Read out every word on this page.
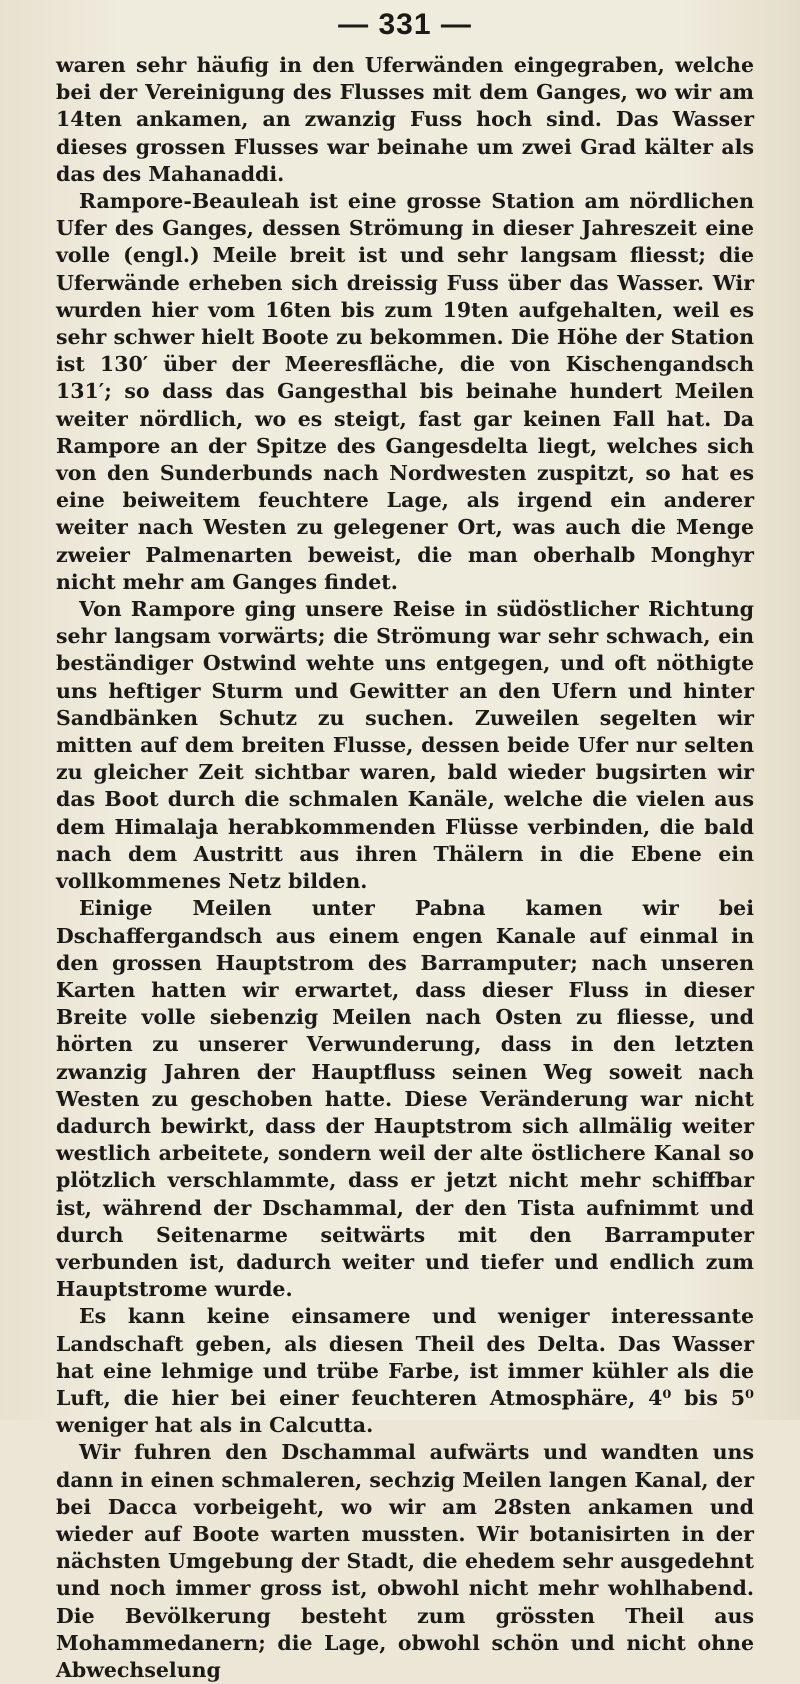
— 331 —

waren sehr häufig in den Uferwänden eingegraben, welche bei der Vereinigung des Flusses mit dem Ganges, wo wir am 14ten ankamen, an zwanzig Fuss hoch sind. Das Wasser dieses grossen Flusses war beinahe um zwei Grad kälter als das des Mahanaddi.

Rampore-Beauleah ist eine grosse Station am nördlichen Ufer des Ganges, dessen Strömung in dieser Jahreszeit eine volle (engl.) Meile breit ist und sehr langsam fliesst; die Uferwände erheben sich dreissig Fuss über das Wasser. Wir wurden hier vom 16ten bis zum 19ten aufgehalten, weil es sehr schwer hielt Boote zu bekommen. Die Höhe der Station ist 130′ über der Meeresfläche, die von Kischengandsch 131′; so dass das Gangesthal bis beinahe hundert Meilen weiter nördlich, wo es steigt, fast gar keinen Fall hat. Da Rampore an der Spitze des Gangesdelta liegt, welches sich von den Sunderbunds nach Nordwesten zuspitzt, so hat es eine beiweitem feuchtere Lage, als irgend ein anderer weiter nach Westen zu gelegener Ort, was auch die Menge zweier Palmenarten beweist, die man oberhalb Monghyr nicht mehr am Ganges findet.

Von Rampore ging unsere Reise in südöstlicher Richtung sehr langsam vorwärts; die Strömung war sehr schwach, ein beständiger Ostwind wehte uns entgegen, und oft nöthigte uns heftiger Sturm und Gewitter an den Ufern und hinter Sandbänken Schutz zu suchen. Zuweilen segelten wir mitten auf dem breiten Flusse, dessen beide Ufer nur selten zu gleicher Zeit sichtbar waren, bald wieder bugsirten wir das Boot durch die schmalen Kanäle, welche die vielen aus dem Himalaja herabkommenden Flüsse verbinden, die bald nach dem Austritt aus ihren Thälern in die Ebene ein vollkommenes Netz bilden.

Einige Meilen unter Pabna kamen wir bei Dschaffergandsch aus einem engen Kanale auf einmal in den grossen Hauptstrom des Barramputer; nach unseren Karten hatten wir erwartet, dass dieser Fluss in dieser Breite volle siebenzig Meilen nach Osten zu fliesse, und hörten zu unserer Verwunderung, dass in den letzten zwanzig Jahren der Hauptfluss seinen Weg soweit nach Westen zu geschoben hatte. Diese Veränderung war nicht dadurch bewirkt, dass der Hauptstrom sich allmälig weiter westlich arbeitete, sondern weil der alte östlichere Kanal so plötzlich verschlammte, dass er jetzt nicht mehr schiffbar ist, während der Dschammal, der den Tista aufnimmt und durch Seitenarme seitwärts mit den Barramputer verbunden ist, dadurch weiter und tiefer und endlich zum Hauptstrome wurde.

Es kann keine einsamere und weniger interessante Landschaft geben, als diesen Theil des Delta. Das Wasser hat eine lehmige und trübe Farbe, ist immer kühler als die Luft, die hier bei einer feuchteren Atmosphäre, 4⁰ bis 5⁰ weniger hat als in Calcutta.

Wir fuhren den Dschammal aufwärts und wandten uns dann in einen schmaleren, sechzig Meilen langen Kanal, der bei Dacca vorbeigeht, wo wir am 28sten ankamen und wieder auf Boote warten mussten. Wir botanisirten in der nächsten Umgebung der Stadt, die ehedem sehr ausgedehnt und noch immer gross ist, obwohl nicht mehr wohlhabend. Die Bevölkerung besteht zum grössten Theil aus Mohammedanern; die Lage, obwohl schön und nicht ohne Abwechselung
